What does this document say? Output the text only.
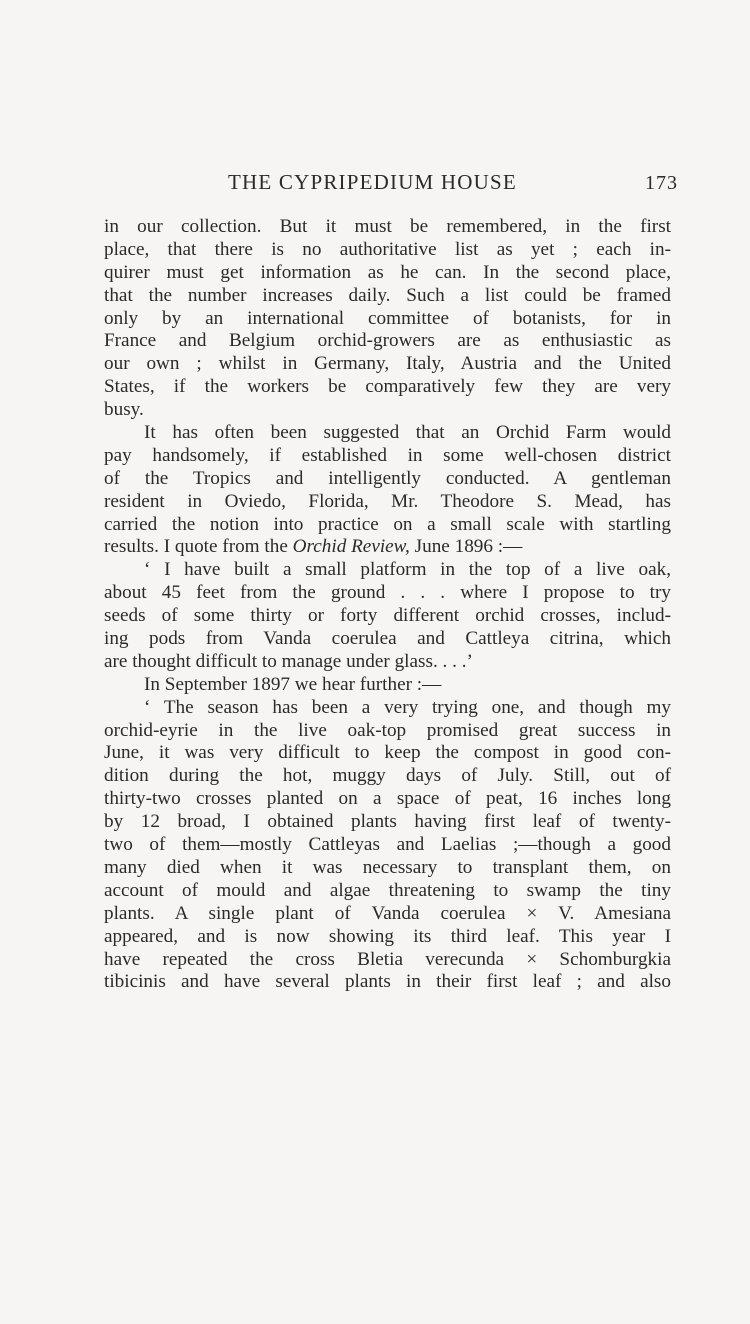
THE CYPRIPEDIUM HOUSE	173
in our collection. But it must be remembered, in the first
place, that there is no authoritative list as yet ; each in-
quirer must get information as he can. In the second place,
that the number increases daily. Such a list could be framed
only by an international committee of botanists, for in
France and Belgium orchid-growers are as enthusiastic as
our own ; whilst in Germany, Italy, Austria and the United
States, if the workers be comparatively few they are very
busy.
It has often been suggested that an Orchid Farm would
pay handsomely, if established in some well-chosen district
of the Tropics and intelligently conducted. A gentleman
resident in Oviedo, Florida, Mr. Theodore S. Mead, has
carried the notion into practice on a small scale with startling
results. I quote from the Orchid Review, June 1896 :—
‘ I have built a small platform in the top of a live oak,
about 45 feet from the ground . . . where I propose to try
seeds of some thirty or forty different orchid crosses, includ-
ing pods from Vanda coerulea and Cattleya citrina, which
are thought difficult to manage under glass. . . .’
In September 1897 we hear further :—
‘ The season has been a very trying one, and though my
orchid-eyrie in the live oak-top promised great success in
June, it was very difficult to keep the compost in good con-
dition during the hot, muggy days of July. Still, out of
thirty-two crosses planted on a space of peat, 16 inches long
by 12 broad, I obtained plants having first leaf of twenty-
two of them—mostly Cattleyas and Laelias ;—though a good
many died when it was necessary to transplant them, on
account of mould and algae threatening to swamp the tiny
plants. A single plant of Vanda coerulea × V. Amesiana
appeared, and is now showing its third leaf. This year I
have repeated the cross Bletia verecunda × Schomburgkia
tibicinis and have several plants in their first leaf ; and also
